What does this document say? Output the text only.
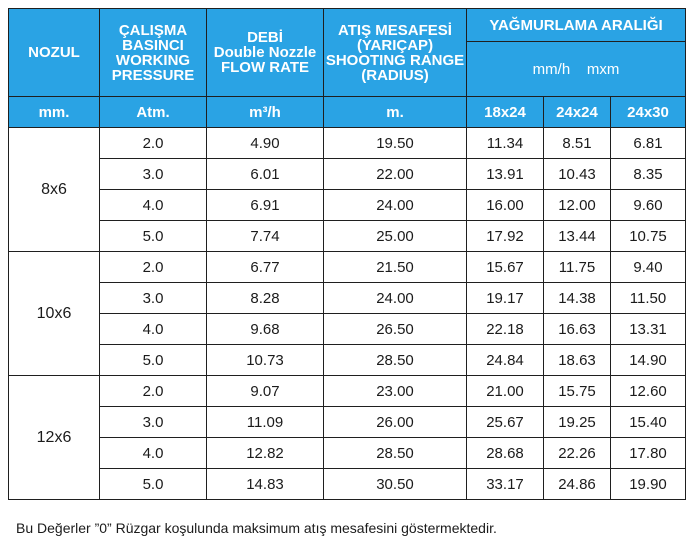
NOZUL	ÇALIŞMA
BASINCI
WORKING
PRESSURE	DEBİ
Double Nozzle
FLOW RATE	ATIŞ MESAFESİ
(YARIÇAP)
SHOOTING RANGE
(RADIUS)	YAĞMURLAMA ARALIĞI		

				mm/h    mxm		

mm.	Atm.	m³/h	m.	18x24	24x24	24x30
8x6	2.0	4.90	19.50	11.34	8.51	6.81
	3.0	6.01	22.00	13.91	10.43	8.35
	4.0	6.91	24.00	16.00	12.00	9.60
	5.0	7.74	25.00	17.92	13.44	10.75
10x6	2.0	6.77	21.50	15.67	11.75	9.40
	3.0	8.28	24.00	19.17	14.38	11.50
	4.0	9.68	26.50	22.18	16.63	13.31
	5.0	10.73	28.50	24.84	18.63	14.90
12x6	2.0	9.07	23.00	21.00	15.75	12.60
	3.0	11.09	26.00	25.67	19.25	15.40
	4.0	12.82	28.50	28.68	22.26	17.80
	5.0	14.83	30.50	33.17	24.86	19.90
Bu Değerler ”0” Rüzgar koşulunda maksimum atış mesafesini göstermektedir.
